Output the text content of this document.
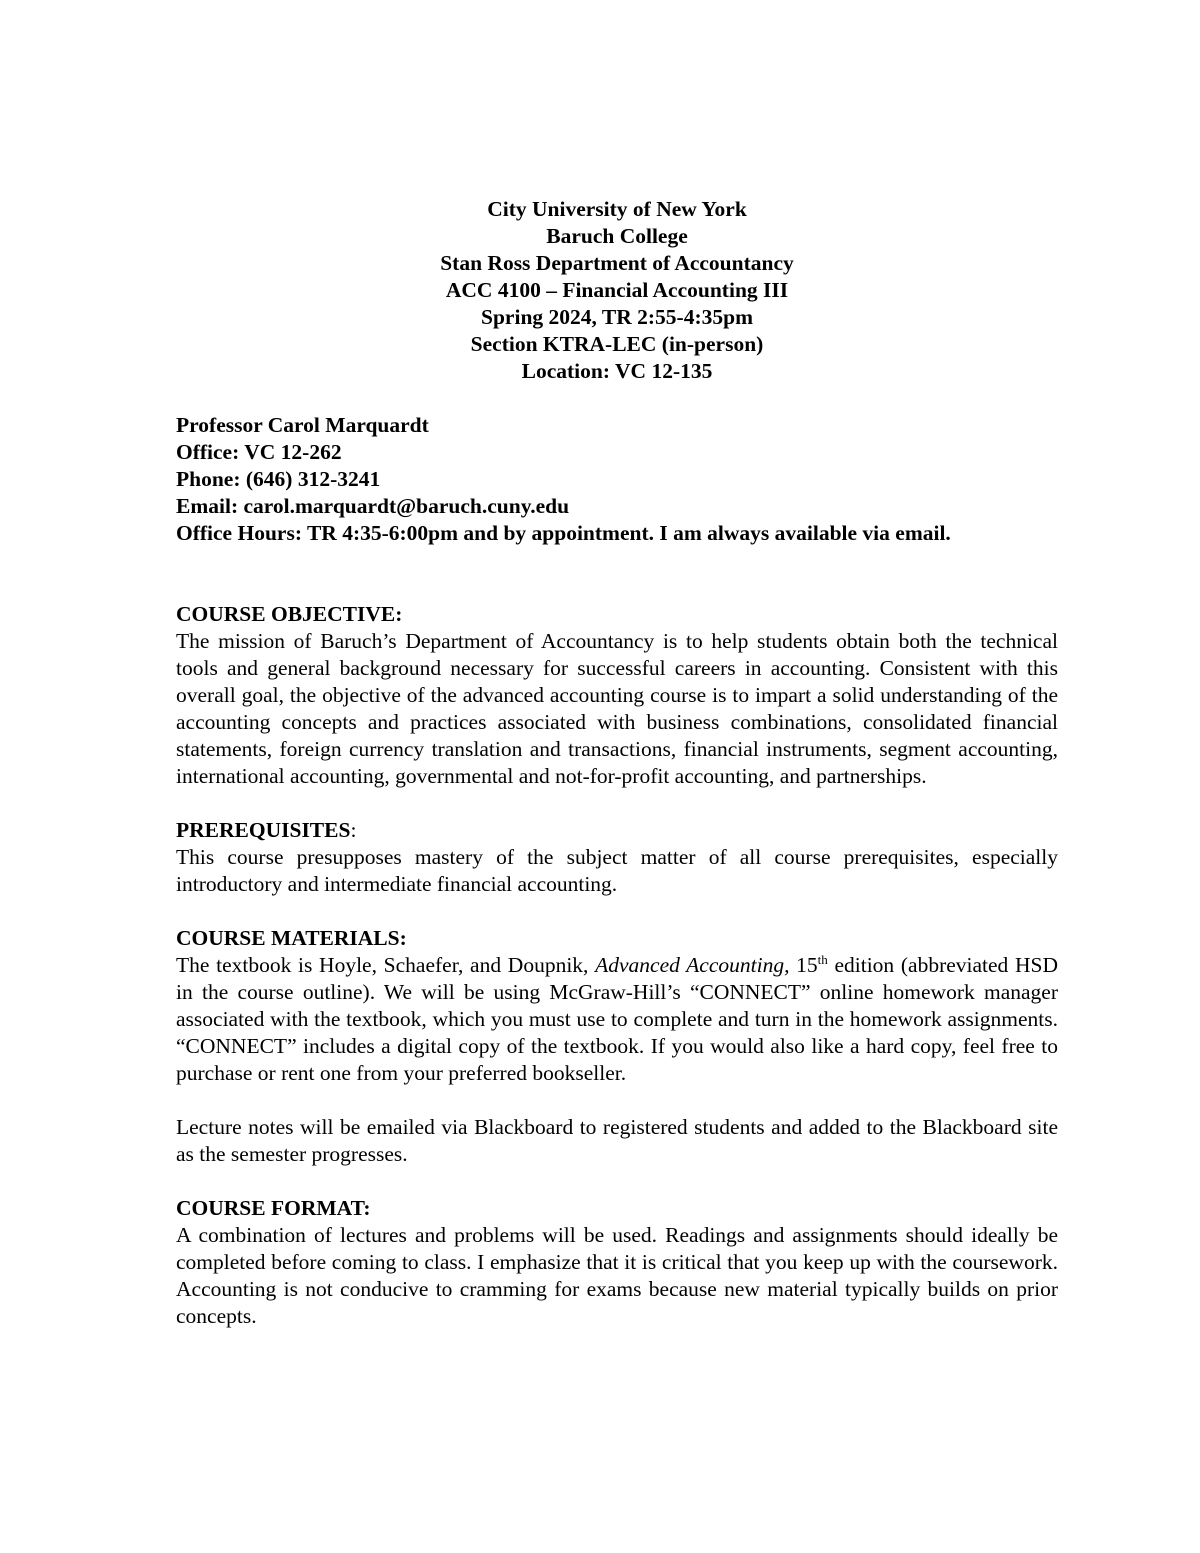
City University of New York
Baruch College
Stan Ross Department of Accountancy
ACC 4100 – Financial Accounting III
Spring 2024, TR 2:55-4:35pm
Section KTRA-LEC (in-person)
Location: VC 12-135
Professor Carol Marquardt
Office: VC 12-262
Phone: (646) 312-3241
Email: carol.marquardt@baruch.cuny.edu
Office Hours: TR 4:35-6:00pm and by appointment. I am always available via email.
COURSE OBJECTIVE:

The mission of Baruch’s Department of Accountancy is to help students obtain both the technical tools and general background necessary for successful careers in accounting. Consistent with this overall goal, the objective of the advanced accounting course is to impart a solid understanding of the accounting concepts and practices associated with business combinations, consolidated financial statements, foreign currency translation and transactions, financial instruments, segment accounting, international accounting, governmental and not-for-profit accounting, and partnerships.

PREREQUISITES:

This course presupposes mastery of the subject matter of all course prerequisites, especially introductory and intermediate financial accounting.

COURSE MATERIALS:

The textbook is Hoyle, Schaefer, and Doupnik, Advanced Accounting, 15th edition (abbreviated HSD in the course outline). We will be using McGraw-Hill’s “CONNECT” online homework manager associated with the textbook, which you must use to complete and turn in the homework assignments. “CONNECT” includes a digital copy of the textbook. If you would also like a hard copy, feel free to purchase or rent one from your preferred bookseller.

Lecture notes will be emailed via Blackboard to registered students and added to the Blackboard site as the semester progresses.

COURSE FORMAT:

A combination of lectures and problems will be used. Readings and assignments should ideally be completed before coming to class. I emphasize that it is critical that you keep up with the coursework. Accounting is not conducive to cramming for exams because new material typically builds on prior concepts.
